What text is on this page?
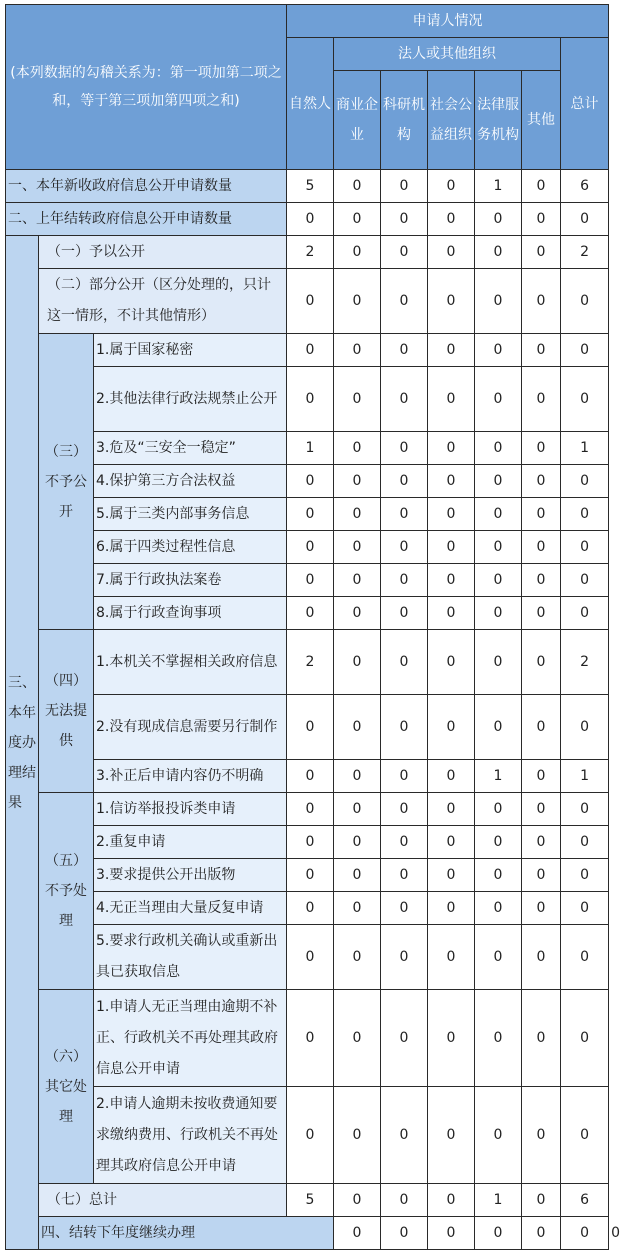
(本列数据的勾稽关系为：第一项加第二项之和，等于第三项加第四项之和)			申请人情况							
			自然人	法人或其他组织					总计	
				商业企业	科研机构	社会公益组织	法律服务机构	其他		
一、本年新收政府信息公开申请数量			5	0	0	0	1	0	6	
二、上年结转政府信息公开申请数量			0	0	0	0	0	0	0	
三、本年度办理结果	（一）予以公开		2	0	0	0	0	0	2	
	（二）部分公开（区分处理的，只计这一情形，不计其他情形）		0	0	0	0	0	0	0	
	（三）不予公开	1.属于国家秘密	0	0	0	0	0	0	0	
		2.其他法律行政法规禁止公开	0	0	0	0	0	0	0	
		3.危及“三安全一稳定”	1	0	0	0	0	0	1	
		4.保护第三方合法权益	0	0	0	0	0	0	0	
		5.属于三类内部事务信息	0	0	0	0	0	0	0	
		6.属于四类过程性信息	0	0	0	0	0	0	0	
		7.属于行政执法案卷	0	0	0	0	0	0	0	
		8.属于行政查询事项	0	0	0	0	0	0	0	
	（四）无法提供	1.本机关不掌握相关政府信息	2	0	0	0	0	0	2	
		2.没有现成信息需要另行制作	0	0	0	0	0	0	0	
		3.补正后申请内容仍不明确	0	0	0	0	1	0	1	
	（五）不予处理	1.信访举报投诉类申请	0	0	0	0	0	0	0	
		2.重复申请	0	0	0	0	0	0	0	
		3.要求提供公开出版物	0	0	0	0	0	0	0	
		4.无正当理由大量反复申请	0	0	0	0	0	0	0	
		5.要求行政机关确认或重新出具已获取信息	0	0	0	0	0	0	0	
	（六）其它处理	1.申请人无正当理由逾期不补正、行政机关不再处理其政府信息公开申请	0	0	0	0	0	0	0	
		2.申请人逾期未按收费通知要求缴纳费用、行政机关不再处理其政府信息公开申请	0	0	0	0	0	0	0	
	（七）总计		5	0	0	0	1	0	6	
	四、结转下年度继续办理			0	0	0	0	0	0	0
